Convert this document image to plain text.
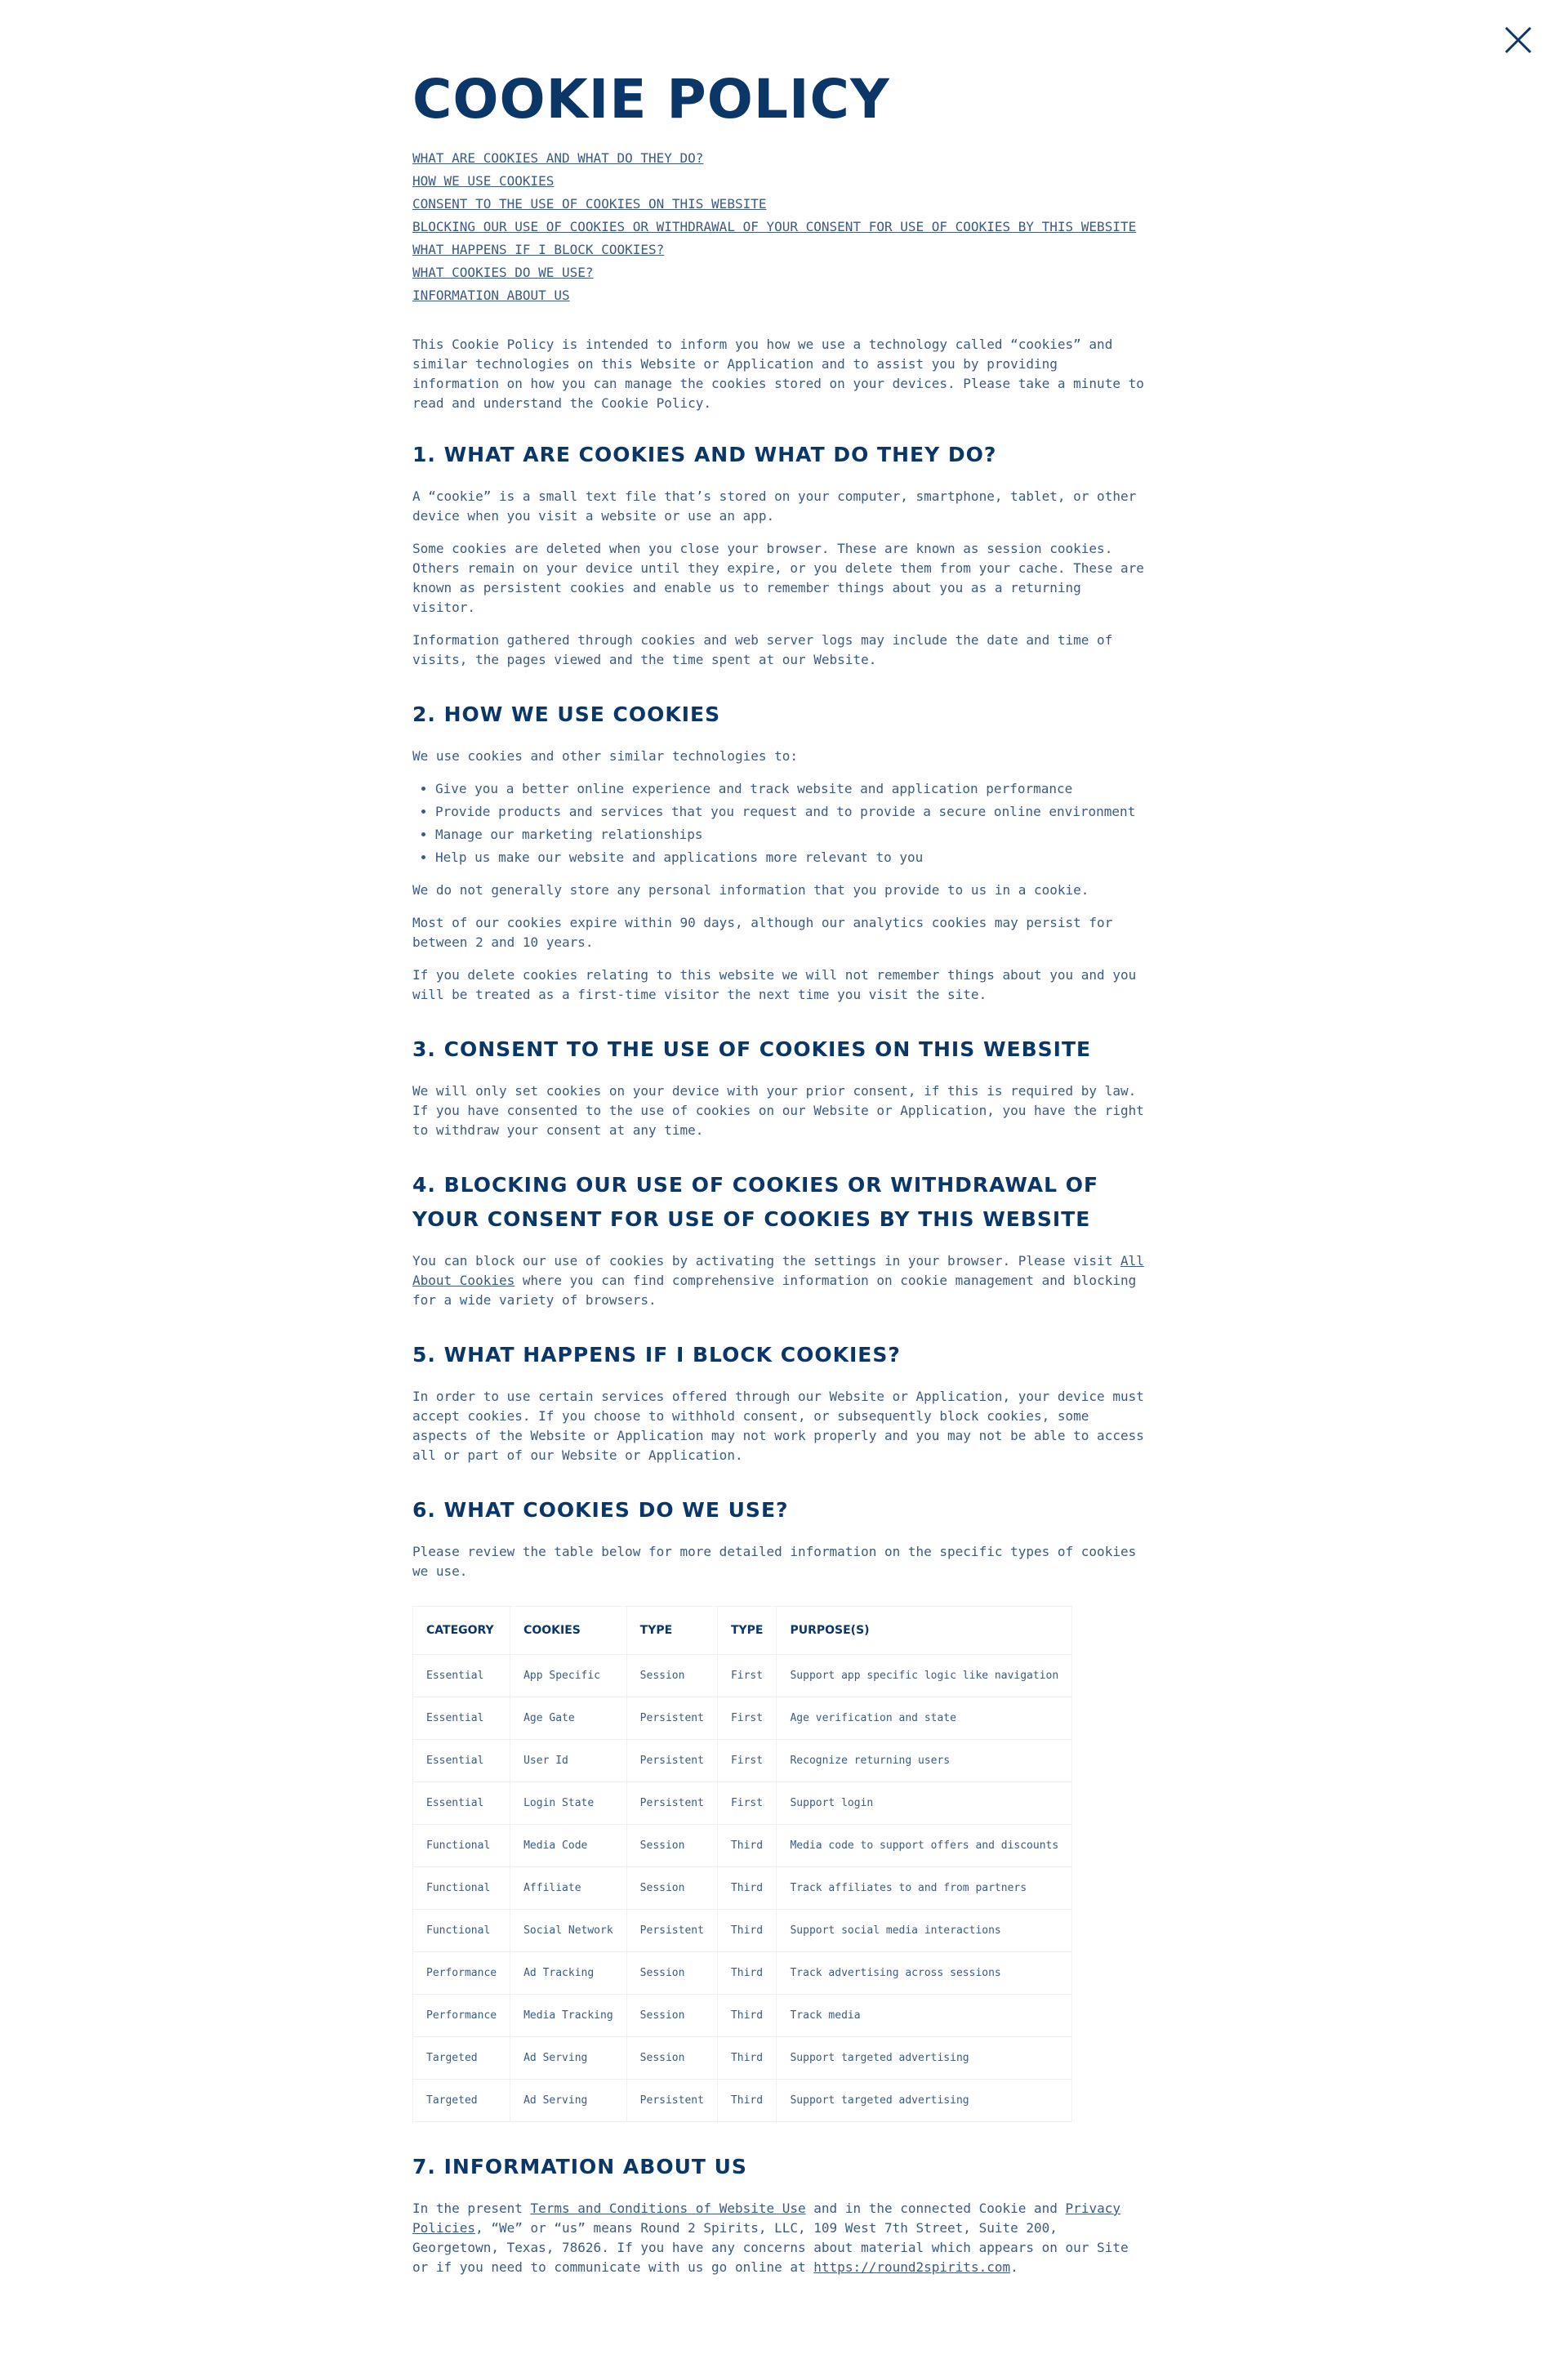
COOKIE POLICY
WHAT ARE COOKIES AND WHAT DO THEY DO?
HOW WE USE COOKIES
CONSENT TO THE USE OF COOKIES ON THIS WEBSITE
BLOCKING OUR USE OF COOKIES OR WITHDRAWAL OF YOUR CONSENT FOR USE OF COOKIES BY THIS WEBSITE
WHAT HAPPENS IF I BLOCK COOKIES?
WHAT COOKIES DO WE USE?
INFORMATION ABOUT US

This Cookie Policy is intended to inform you how we use a technology called “cookies” and similar technologies on this Website or Application and to assist you by providing information on how you can manage the cookies stored on your devices. Please take a minute to read and understand the Cookie Policy.

1. WHAT ARE COOKIES AND WHAT DO THEY DO?

A “cookie” is a small text file that’s stored on your computer, smartphone, tablet, or other device when you visit a website or use an app.

Some cookies are deleted when you close your browser. These are known as session cookies. Others remain on your device until they expire, or you delete them from your cache. These are known as persistent cookies and enable us to remember things about you as a returning visitor.

Information gathered through cookies and web server logs may include the date and time of visits, the pages viewed and the time spent at our Website.

2. HOW WE USE COOKIES

We use cookies and other similar technologies to:

• Give you a better online experience and track website and application performance
• Provide products and services that you request and to provide a secure online environment
• Manage our marketing relationships
• Help us make our website and applications more relevant to you

We do not generally store any personal information that you provide to us in a cookie.

Most of our cookies expire within 90 days, although our analytics cookies may persist for between 2 and 10 years.

If you delete cookies relating to this website we will not remember things about you and you will be treated as a first-time visitor the next time you visit the site.

3. CONSENT TO THE USE OF COOKIES ON THIS WEBSITE

We will only set cookies on your device with your prior consent, if this is required by law. If you have consented to the use of cookies on our Website or Application, you have the right to withdraw your consent at any time.

4. BLOCKING OUR USE OF COOKIES OR WITHDRAWAL OF YOUR CONSENT FOR USE OF COOKIES BY THIS WEBSITE

You can block our use of cookies by activating the settings in your browser. Please visit All About Cookies where you can find comprehensive information on cookie management and blocking for a wide variety of browsers.

5. WHAT HAPPENS IF I BLOCK COOKIES?

In order to use certain services offered through our Website or Application, your device must accept cookies. If you choose to withhold consent, or subsequently block cookies, some aspects of the Website or Application may not work properly and you may not be able to access all or part of our Website or Application.

6. WHAT COOKIES DO WE USE?

Please review the table below for more detailed information on the specific types of cookies we use.

CATEGORY	COOKIES	TYPE	TYPE	PURPOSE(S)
Essential	App Specific	Session	First	Support app specific logic like navigation
Essential	Age Gate	Persistent	First	Age verification and state
Essential	User Id	Persistent	First	Recognize returning users
Essential	Login State	Persistent	First	Support login
Functional	Media Code	Session	Third	Media code to support offers and discounts
Functional	Affiliate	Session	Third	Track affiliates to and from partners
Functional	Social Network	Persistent	Third	Support social media interactions
Performance	Ad Tracking	Session	Third	Track advertising across sessions
Performance	Media Tracking	Session	Third	Track media
Targeted	Ad Serving	Session	Third	Support targeted advertising
Targeted	Ad Serving	Persistent	Third	Support targeted advertising
7. INFORMATION ABOUT US

In the present Terms and Conditions of Website Use and in the connected Cookie and Privacy Policies, “We” or “us” means Round 2 Spirits, LLC, 109 West 7th Street, Suite 200, Georgetown, Texas, 78626. If you have any concerns about material which appears on our Site or if you need to communicate with us go online at https://round2spirits.com.
